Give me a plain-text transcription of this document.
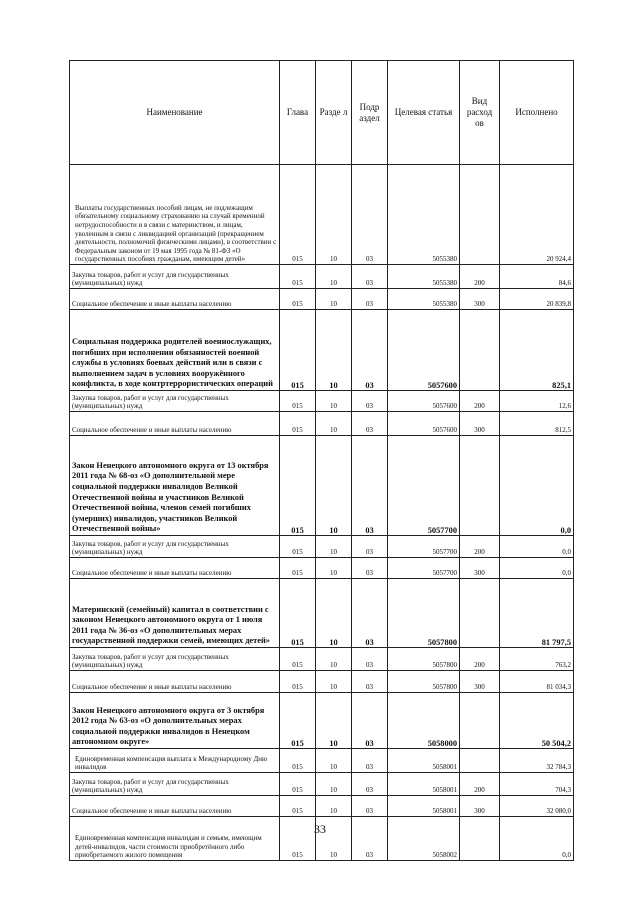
Наименование	Глава	Разде л	Подр аздел	Целевая статья	Вид расход ов	Исполнено
Выплаты государственных пособий лицам, не подлежащим обязательному социальному страхованию на случай временной нетрудоспособности и в связи с материнством, и лицам, уволенным в связи с ликвидацией организаций (прекращением деятельности, полномочий физическими лицами), в соответствии с Федеральным законом от 19 мая 1995 года № 81-ФЗ «О государственных пособиях гражданам, имеющим детей»	015	10	03	5055380		20 924,4
Закупка товаров, работ и услуг для государственных (муниципальных) нужд	015	10	03	5055380	200	84,6
Социальное обеспечение и иные выплаты населению	015	10	03	5055380	300	20 839,8
Социальная поддержка родителей военнослужащих, погибших при исполнении обязанностей военной службы в условиях боевых действий или в связи с выполнением задач в условиях вооружённого конфликта, в ходе контртеррористических операций	015	10	03	5057600		825,1
Закупка товаров, работ и услуг для государственных (муниципальных) нужд	015	10	03	5057600	200	12,6
Социальное обеспечение и иные выплаты населению	015	10	03	5057600	300	812,5
Закон Ненецкого автономного округа от 13 октября 2011 года № 68-оз «О дополнительной мере социальной поддержки инвалидов Великой Отечественной войны и участников Великой Отечественной войны, членов семей погибших (умерших) инвалидов, участников Великой Отечественной войны»	015	10	03	5057700		0,0
Закупка товаров, работ и услуг для государственных (муниципальных) нужд	015	10	03	5057700	200	0,0
Социальное обеспечение и иные выплаты населению	015	10	03	5057700	300	0,0
Материнский (семейный) капитал в соответствии с законом Ненецкого автономного округа от 1 июля 2011 года № 36-оз «О дополнительных мерах государственной поддержки семей, имеющих детей»	015	10	03	5057800		81 797,5
Закупка товаров, работ и услуг для государственных (муниципальных) нужд	015	10	03	5057800	200	763,2
Социальное обеспечение и иные выплаты населению	015	10	03	5057800	300	81 034,3
Закон Ненецкого автономного округа от 3 октября 2012 года № 63-оз «О дополнительных мерах социальной поддержки инвалидов в Ненецком автономном округе»	015	10	03	5058000		50 504,2
Единовременная компенсация выплата к Международному Дню инвалидов	015	10	03	5058001		32 784,3
Закупка товаров, работ и услуг для государственных (муниципальных) нужд	015	10	03	5058001	200	704,3
Социальное обеспечение и иные выплаты населению	015	10	03	5058001	300	32 080,0
Единовременная компенсация инвалидам и семьям, имеющим детей-инвалидов, части стоимости приобретённого либо приобретаемого жилого помещения	015	10	03	5058002		0,0
33
